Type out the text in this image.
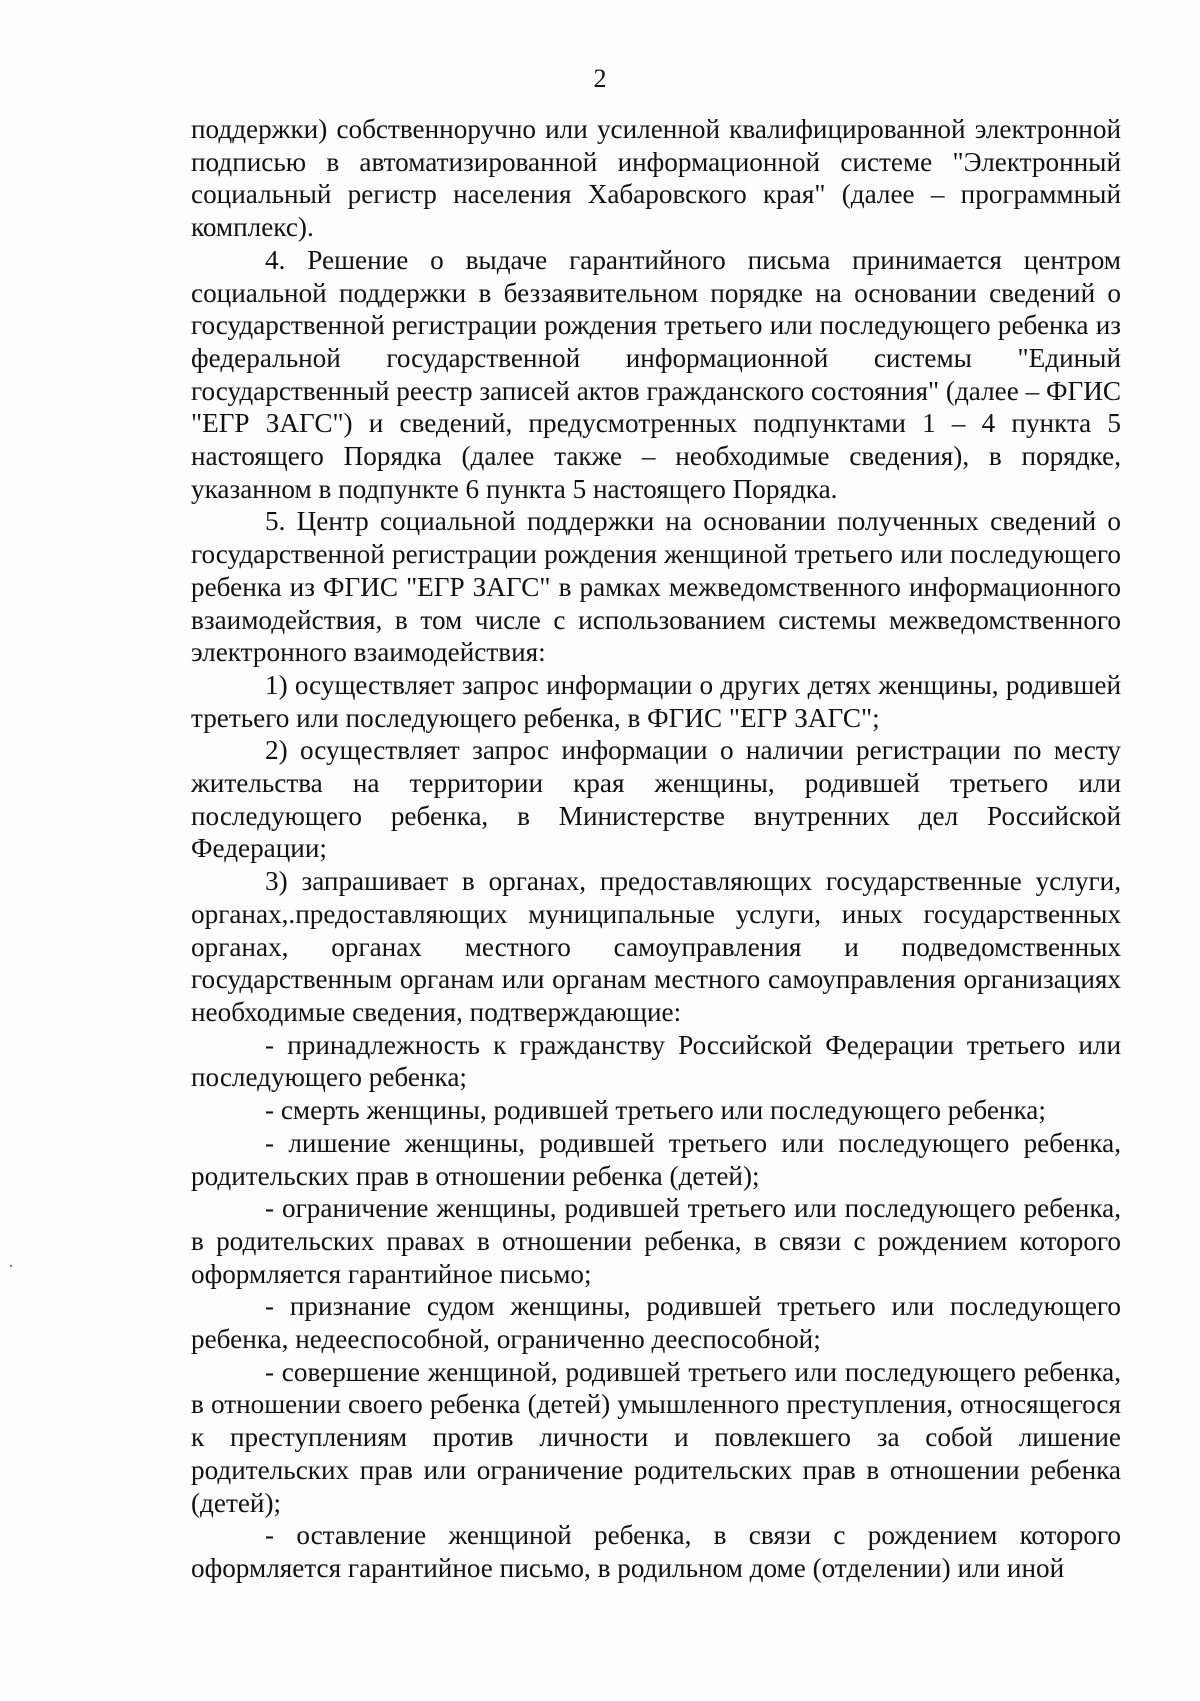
2

поддержки) собственноручно или усиленной квалифицированной электронной подписью в автоматизированной информационной системе "Электронный социальный регистр населения Хабаровского края" (далее – программный комплекс).

4. Решение о выдаче гарантийного письма принимается центром социальной поддержки в беззаявительном порядке на основании сведений о государственной регистрации рождения третьего или последующего ребенка из федеральной государственной информационной системы "Единый государственный реестр записей актов гражданского состояния" (далее – ФГИС "ЕГР ЗАГС") и сведений, предусмотренных подпунктами 1 – 4 пункта 5 настоящего Порядка (далее также – необходимые сведения), в порядке, указанном в подпункте 6 пункта 5 настоящего Порядка.

5. Центр социальной поддержки на основании полученных сведений о государственной регистрации рождения женщиной третьего или последующего ребенка из ФГИС "ЕГР ЗАГС" в рамках межведомственного информационного взаимодействия, в том числе с использованием системы межведомственного электронного взаимодействия:

1) осуществляет запрос информации о других детях женщины, родившей третьего или последующего ребенка, в ФГИС "ЕГР ЗАГС";

2) осуществляет запрос информации о наличии регистрации по месту жительства на территории края женщины, родившей третьего или последующего ребенка, в Министерстве внутренних дел Российской Федерации;

3) запрашивает в органах, предоставляющих государственные услуги, органах,.предоставляющих муниципальные услуги, иных государственных органах, органах местного самоуправления и подведомственных государственным органам или органам местного самоуправления организациях необходимые сведения, подтверждающие:

- принадлежность к гражданству Российской Федерации третьего или последующего ребенка;

- смерть женщины, родившей третьего или последующего ребенка;

- лишение женщины, родившей третьего или последующего ребенка, родительских прав в отношении ребенка (детей);

- ограничение женщины, родившей третьего или последующего ребенка, в родительских правах в отношении ребенка, в связи с рождением которого оформляется гарантийное письмо;

- признание судом женщины, родившей третьего или последующего ребенка, недееспособной, ограниченно дееспособной;

- совершение женщиной, родившей третьего или последующего ребенка, в отношении своего ребенка (детей) умышленного преступления, относящегося к преступлениям против личности и повлекшего за собой лишение родительских прав или ограничение родительских прав в отношении ребенка (детей);

- оставление женщиной ребенка, в связи с рождением которого оформляется гарантийное письмо, в родильном доме (отделении) или иной
